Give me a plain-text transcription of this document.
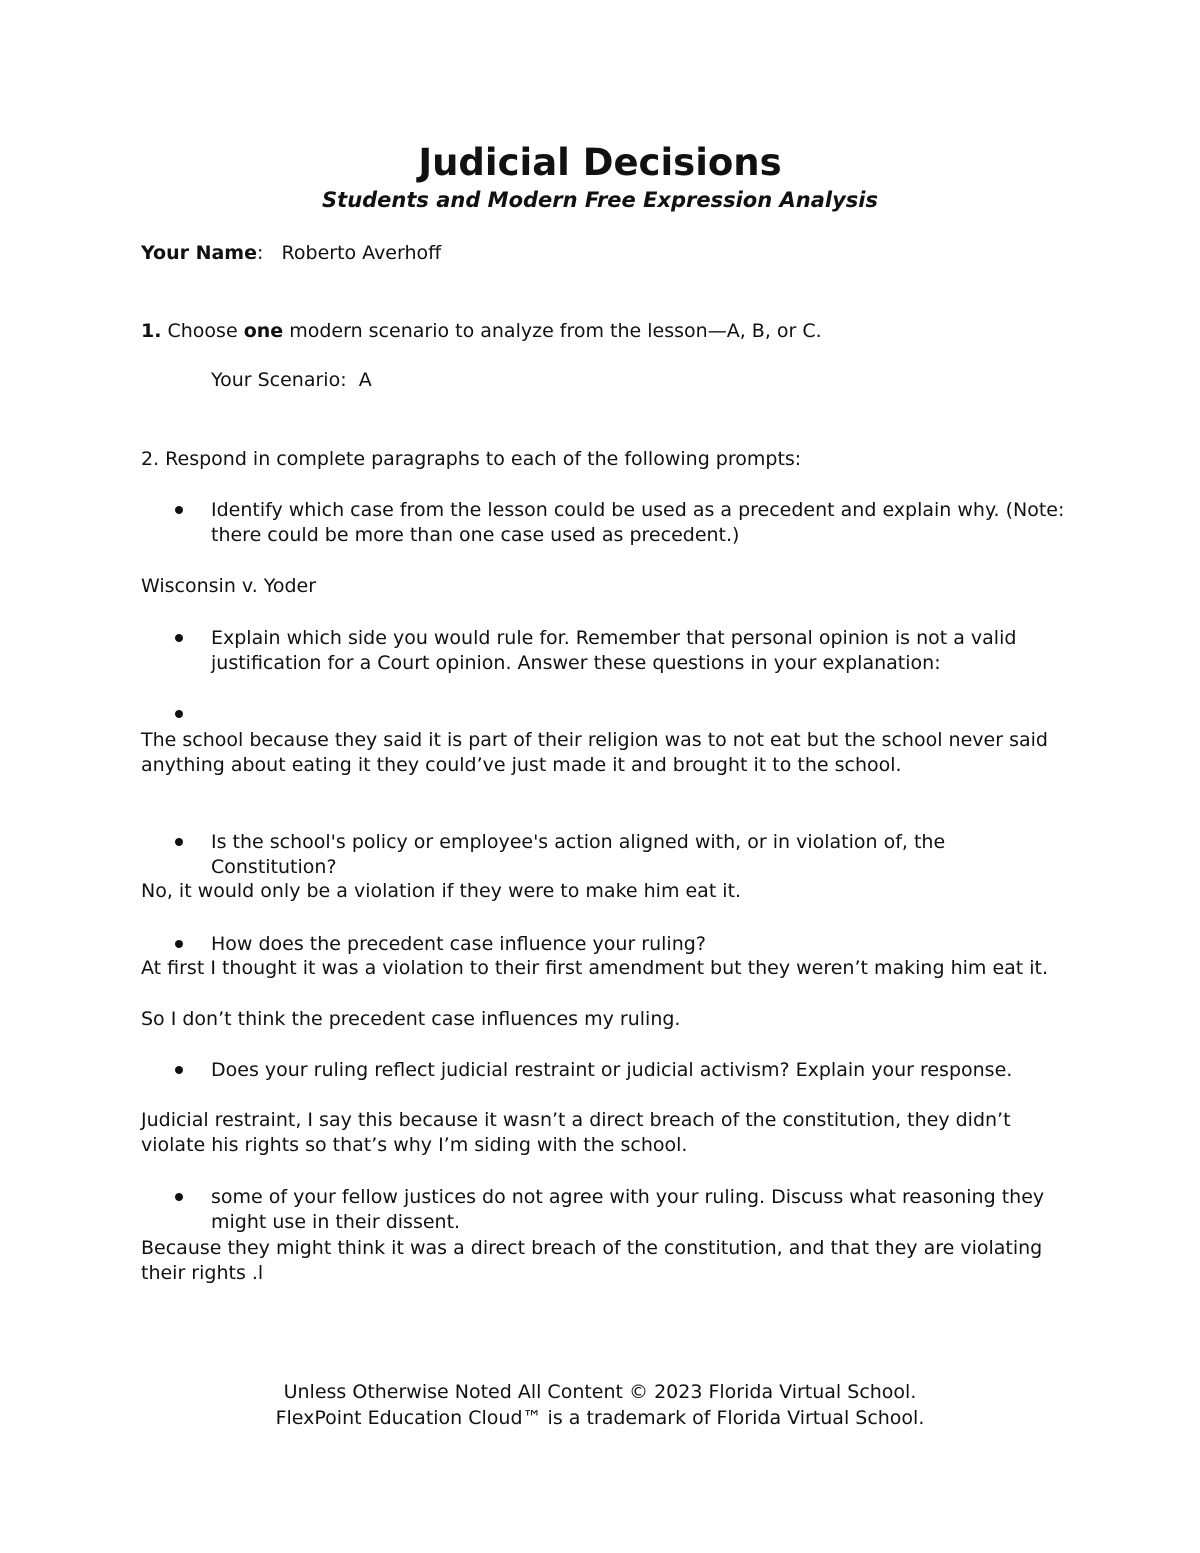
Judicial Decisions
Students and Modern Free Expression Analysis
Your Name: Roberto Averhoff
1. Choose one modern scenario to analyze from the lesson—A, B, or C.
Your Scenario: A
2. Respond in complete paragraphs to each of the following prompts:
Identify which case from the lesson could be used as a precedent and explain why. (Note: there could be more than one case used as precedent.)
Wisconsin v. Yoder
Explain which side you would rule for. Remember that personal opinion is not a valid justification for a Court opinion. Answer these questions in your explanation:
The school because they said it is part of their religion was to not eat but the school never said anything about eating it they could’ve just made it and brought it to the school.
Is the school's policy or employee's action aligned with, or in violation of, the Constitution?
No, it would only be a violation if they were to make him eat it.
How does the precedent case influence your ruling?
At first I thought it was a violation to their first amendment but they weren’t making him eat it.
So I don’t think the precedent case influences my ruling.
Does your ruling reflect judicial restraint or judicial activism? Explain your response.
Judicial restraint, I say this because it wasn’t a direct breach of the constitution, they didn’t violate his rights so that’s why I’m siding with the school.
some of your fellow justices do not agree with your ruling. Discuss what reasoning they might use in their dissent.
Because they might think it was a direct breach of the constitution, and that they are violating their rights .l
Unless Otherwise Noted All Content © 2023 Florida Virtual School.
FlexPoint Education Cloud™ is a trademark of Florida Virtual School.
